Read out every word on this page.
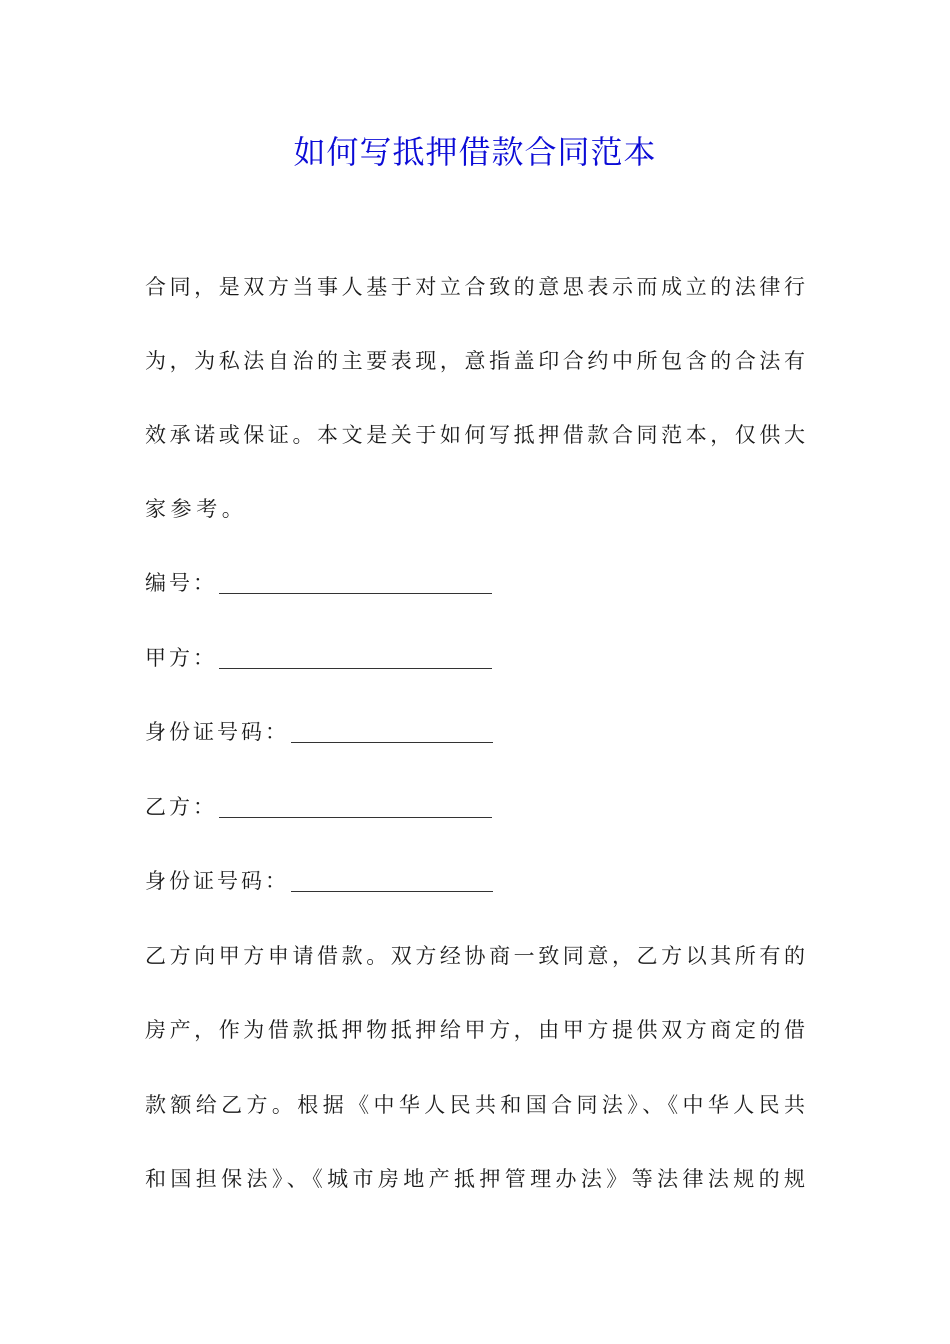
如何写抵押借款合同范本
合同，是双方当事人基于对立合致的意思表示而成立的法律行
为，为私法自治的主要表现，意指盖印合约中所包含的合法有
效承诺或保证。本文是关于如何写抵押借款合同范本，仅供大
家参考。
编号：
甲方：
身份证号码：
乙方：
身份证号码：
乙方向甲方申请借款。双方经协商一致同意，乙方以其所有的
房产，作为借款抵押物抵押给甲方，由甲方提供双方商定的借
款额给乙方。根据《中华人民共和国合同法》、《中华人民共
和国担保法》、《城市房地产抵押管理办法》等法律法规的规
